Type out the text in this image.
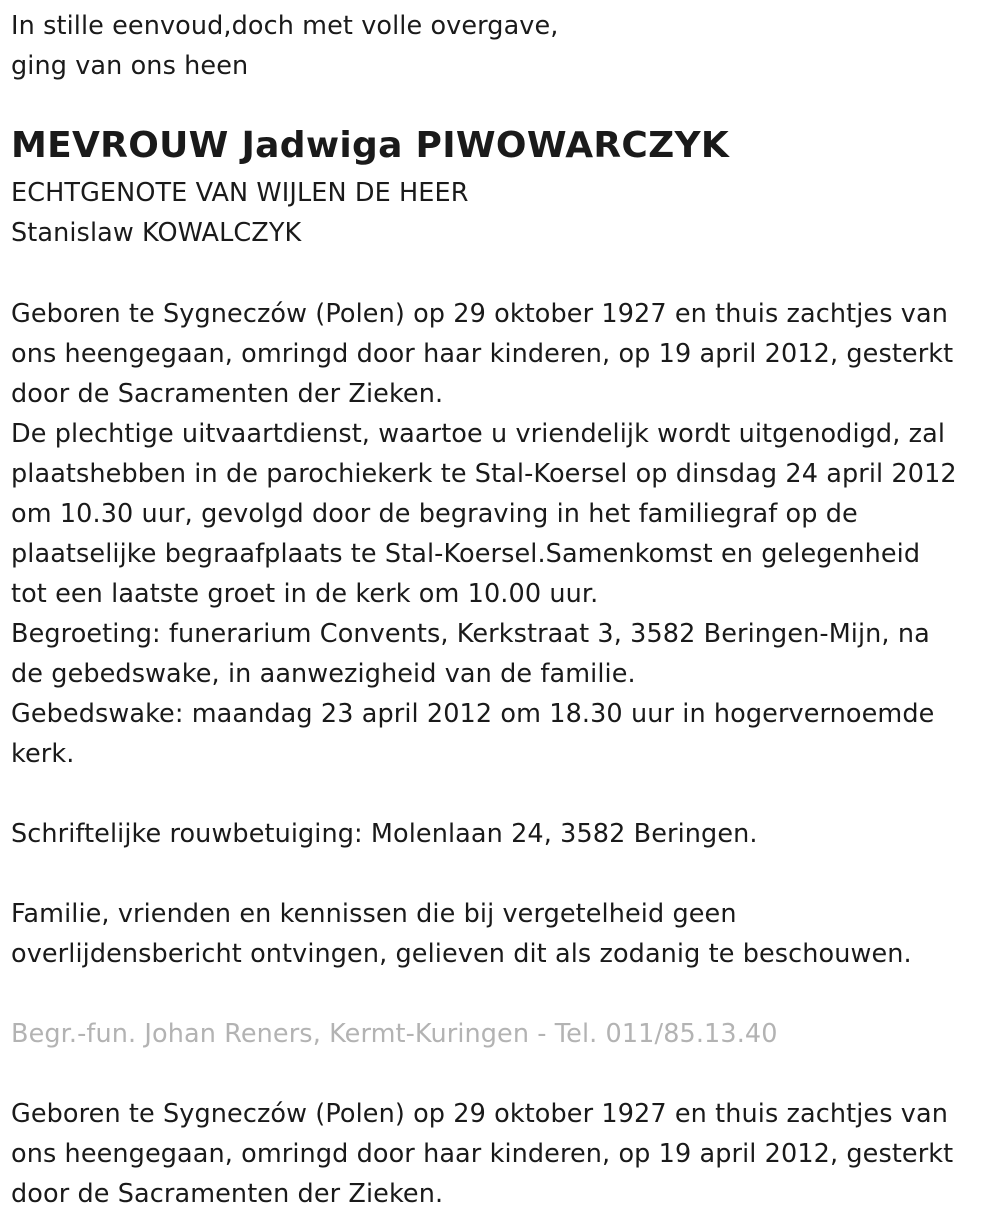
In stille eenvoud,doch met volle overgave,
ging van ons heen
MEVROUW Jadwiga PIWOWARCZYK
ECHTGENOTE VAN WIJLEN DE HEER
Stanislaw KOWALCZYK
Geboren te Sygneczów (Polen) op 29 oktober 1927 en thuis zachtjes van
ons heengegaan, omringd door haar kinderen, op 19 april 2012, gesterkt
door de Sacramenten der Zieken.
De plechtige uitvaartdienst, waartoe u vriendelijk wordt uitgenodigd, zal
plaatshebben in de parochiekerk te Stal-Koersel op dinsdag 24 april 2012
om 10.30 uur, gevolgd door de begraving in het familiegraf op de
plaatselijke begraafplaats te Stal-Koersel.Samenkomst en gelegenheid
tot een laatste groet in de kerk om 10.00 uur.
Begroeting: funerarium Convents, Kerkstraat 3, 3582 Beringen-Mijn, na
de gebedswake, in aanwezigheid van de familie.
Gebedswake: maandag 23 april 2012 om 18.30 uur in hogervernoemde
kerk.
Schriftelijke rouwbetuiging: Molenlaan 24, 3582 Beringen.
Familie, vrienden en kennissen die bij vergetelheid geen
overlijdensbericht ontvingen, gelieven dit als zodanig te beschouwen.
Begr.-fun. Johan Reners, Kermt-Kuringen - Tel. 011/85.13.40
Geboren te Sygneczów (Polen) op 29 oktober 1927 en thuis zachtjes van
ons heengegaan, omringd door haar kinderen, op 19 april 2012, gesterkt
door de Sacramenten der Zieken.
